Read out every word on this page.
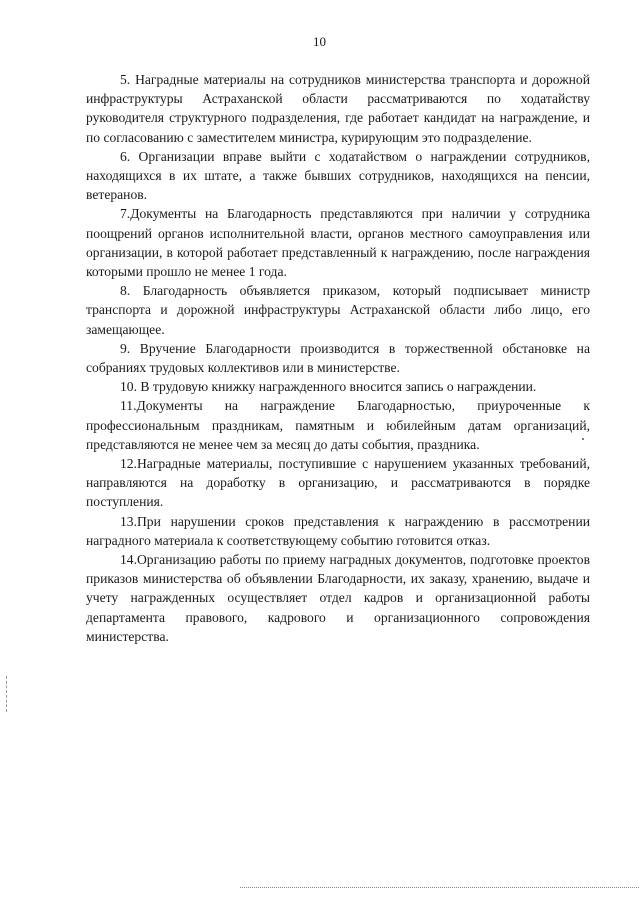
10

5. Наградные материалы на сотрудников министерства транспорта и дорожной инфраструктуры Астраханской области рассматриваются по ходатайству руководителя структурного подразделения, где работает кандидат на награждение, и по согласованию с заместителем министра, курирующим это подразделение.

6. Организации вправе выйти с ходатайством о награждении сотрудников, находящихся в их штате, а также бывших сотрудников, находящихся на пенсии, ветеранов.

7.Документы на Благодарность представляются при наличии у сотрудника поощрений органов исполнительной власти, органов местного самоуправления или организации, в которой работает представленный к награждению, после награждения которыми прошло не менее 1 года.

8. Благодарность объявляется приказом, который подписывает министр транспорта и дорожной инфраструктуры Астраханской области либо лицо, его замещающее.

9. Вручение Благодарности производится в торжественной обстановке на собраниях трудовых коллективов или в министерстве.

10. В трудовую книжку награжденного вносится запись о награждении.

11.Документы на награждение Благодарностью, приуроченные к профессиональным праздникам, памятным и юбилейным датам организаций, представляются не менее чем за месяц до даты события, праздника.

12.Наградные материалы, поступившие с нарушением указанных требований, направляются на доработку в организацию, и рассматриваются в порядке поступления.

13.При нарушении сроков представления к награждению в рассмотрении наградного материала к соответствующему событию готовится отказ.

14.Организацию работы по приему наградных документов, подготовке проектов приказов министерства об объявлении Благодарности, их заказу, хранению, выдаче и учету награжденных осуществляет отдел кадров и организационной работы департамента правового, кадрового и организационного сопровождения министерства.
